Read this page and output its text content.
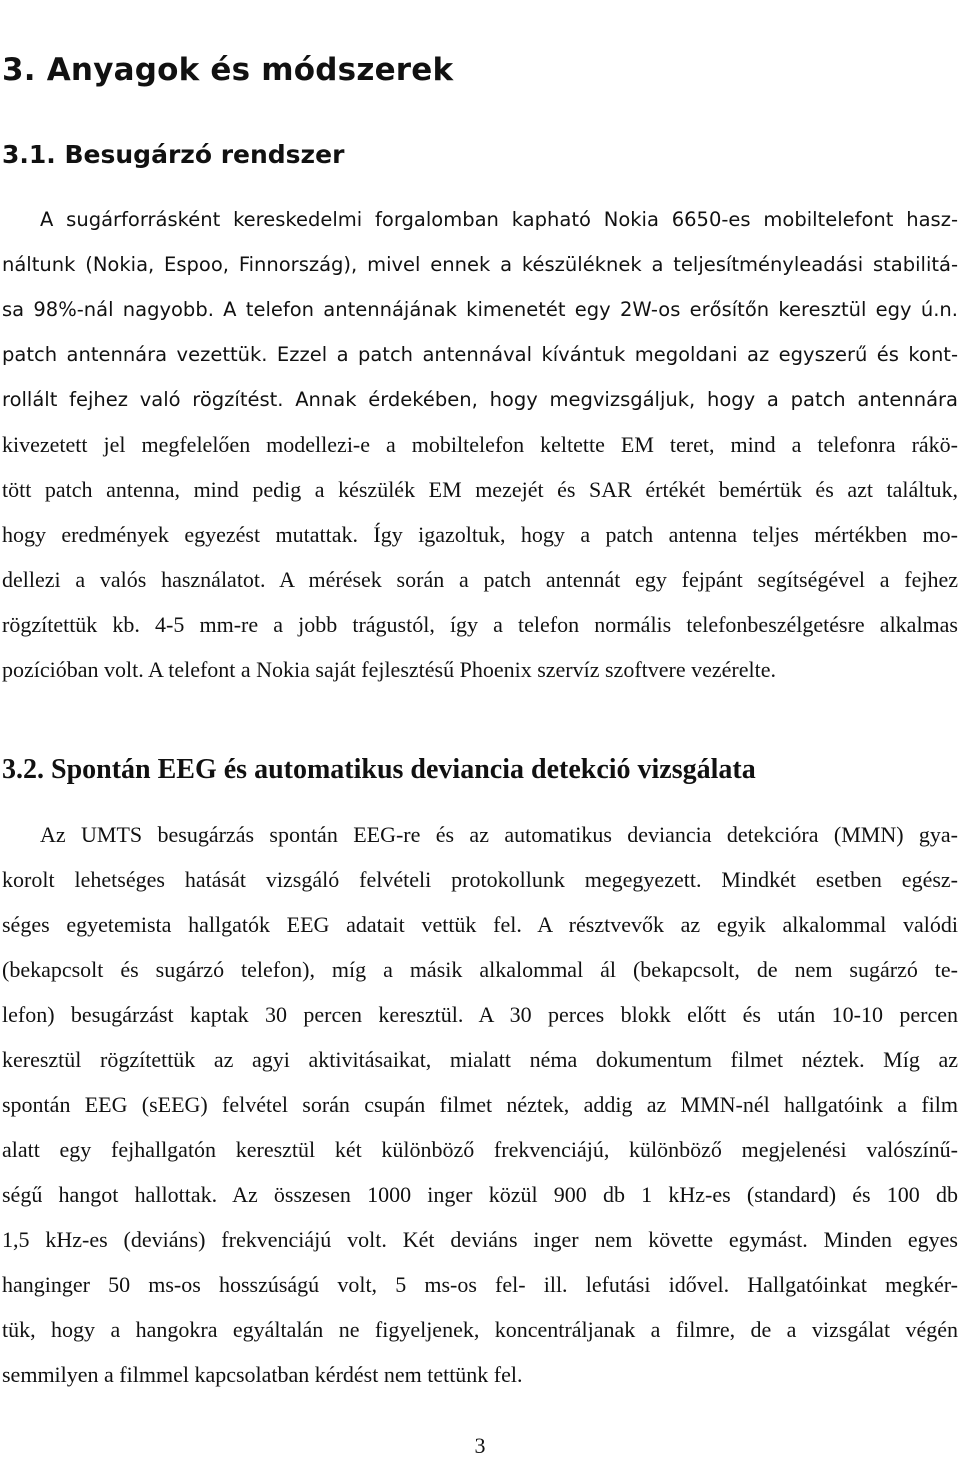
3. Anyagok és módszerek
3.1. Besugárzó rendszer
A sugárforrásként kereskedelmi forgalomban kapható Nokia 6650-es mobiltelefont hasz-
náltunk (Nokia, Espoo, Finnország), mivel ennek a készüléknek a teljesítményleadási stabilitá-
sa 98%-nál nagyobb. A telefon antennájának kimenetét egy 2W-os erősítőn keresztül egy ú.n.
patch antennára vezettük. Ezzel a patch antennával kívántuk megoldani az egyszerű és kont-
rollált fejhez való rögzítést. Annak érdekében, hogy megvizsgáljuk, hogy a patch antennára
kivezetett jel megfelelően modellezi-e a mobiltelefon keltette EM teret, mind a telefonra rákö-
tött patch antenna, mind pedig a készülék EM mezejét és SAR értékét bemértük és azt találtuk,
hogy eredmények egyezést mutattak. Így igazoltuk, hogy a patch antenna teljes mértékben mo-
dellezi a valós használatot. A mérések során a patch antennát egy fejpánt segítségével a fejhez
rögzítettük kb. 4-5 mm-re a jobb trágustól, így a telefon normális telefonbeszélgetésre alkalmas
pozícióban volt. A telefont a Nokia saját fejlesztésű Phoenix szervíz szoftvere vezérelte.
3.2. Spontán EEG és automatikus deviancia detekció vizsgálata
Az UMTS besugárzás spontán EEG-re és az automatikus deviancia detekcióra (MMN) gya-
korolt lehetséges hatását vizsgáló felvételi protokollunk megegyezett. Mindkét esetben egész-
séges egyetemista hallgatók EEG adatait vettük fel. A résztvevők az egyik alkalommal valódi
(bekapcsolt és sugárzó telefon), míg a másik alkalommal ál (bekapcsolt, de nem sugárzó te-
lefon) besugárzást kaptak 30 percen keresztül. A 30 perces blokk előtt és után 10-10 percen
keresztül rögzítettük az agyi aktivitásaikat, mialatt néma dokumentum filmet néztek. Míg az
spontán EEG (sEEG) felvétel során csupán filmet néztek, addig az MMN-nél hallgatóink a film
alatt egy fejhallgatón keresztül két különböző frekvenciájú, különböző megjelenési valószínű-
ségű hangot hallottak. Az összesen 1000 inger közül 900 db 1 kHz-es (standard) és 100 db
1,5 kHz-es (deviáns) frekvenciájú volt. Két deviáns inger nem követte egymást. Minden egyes
hanginger 50 ms-os hosszúságú volt, 5 ms-os fel- ill. lefutási idővel. Hallgatóinkat megkér-
tük, hogy a hangokra egyáltalán ne figyeljenek, koncentráljanak a filmre, de a vizsgálat végén
semmilyen a filmmel kapcsolatban kérdést nem tettünk fel.
3
